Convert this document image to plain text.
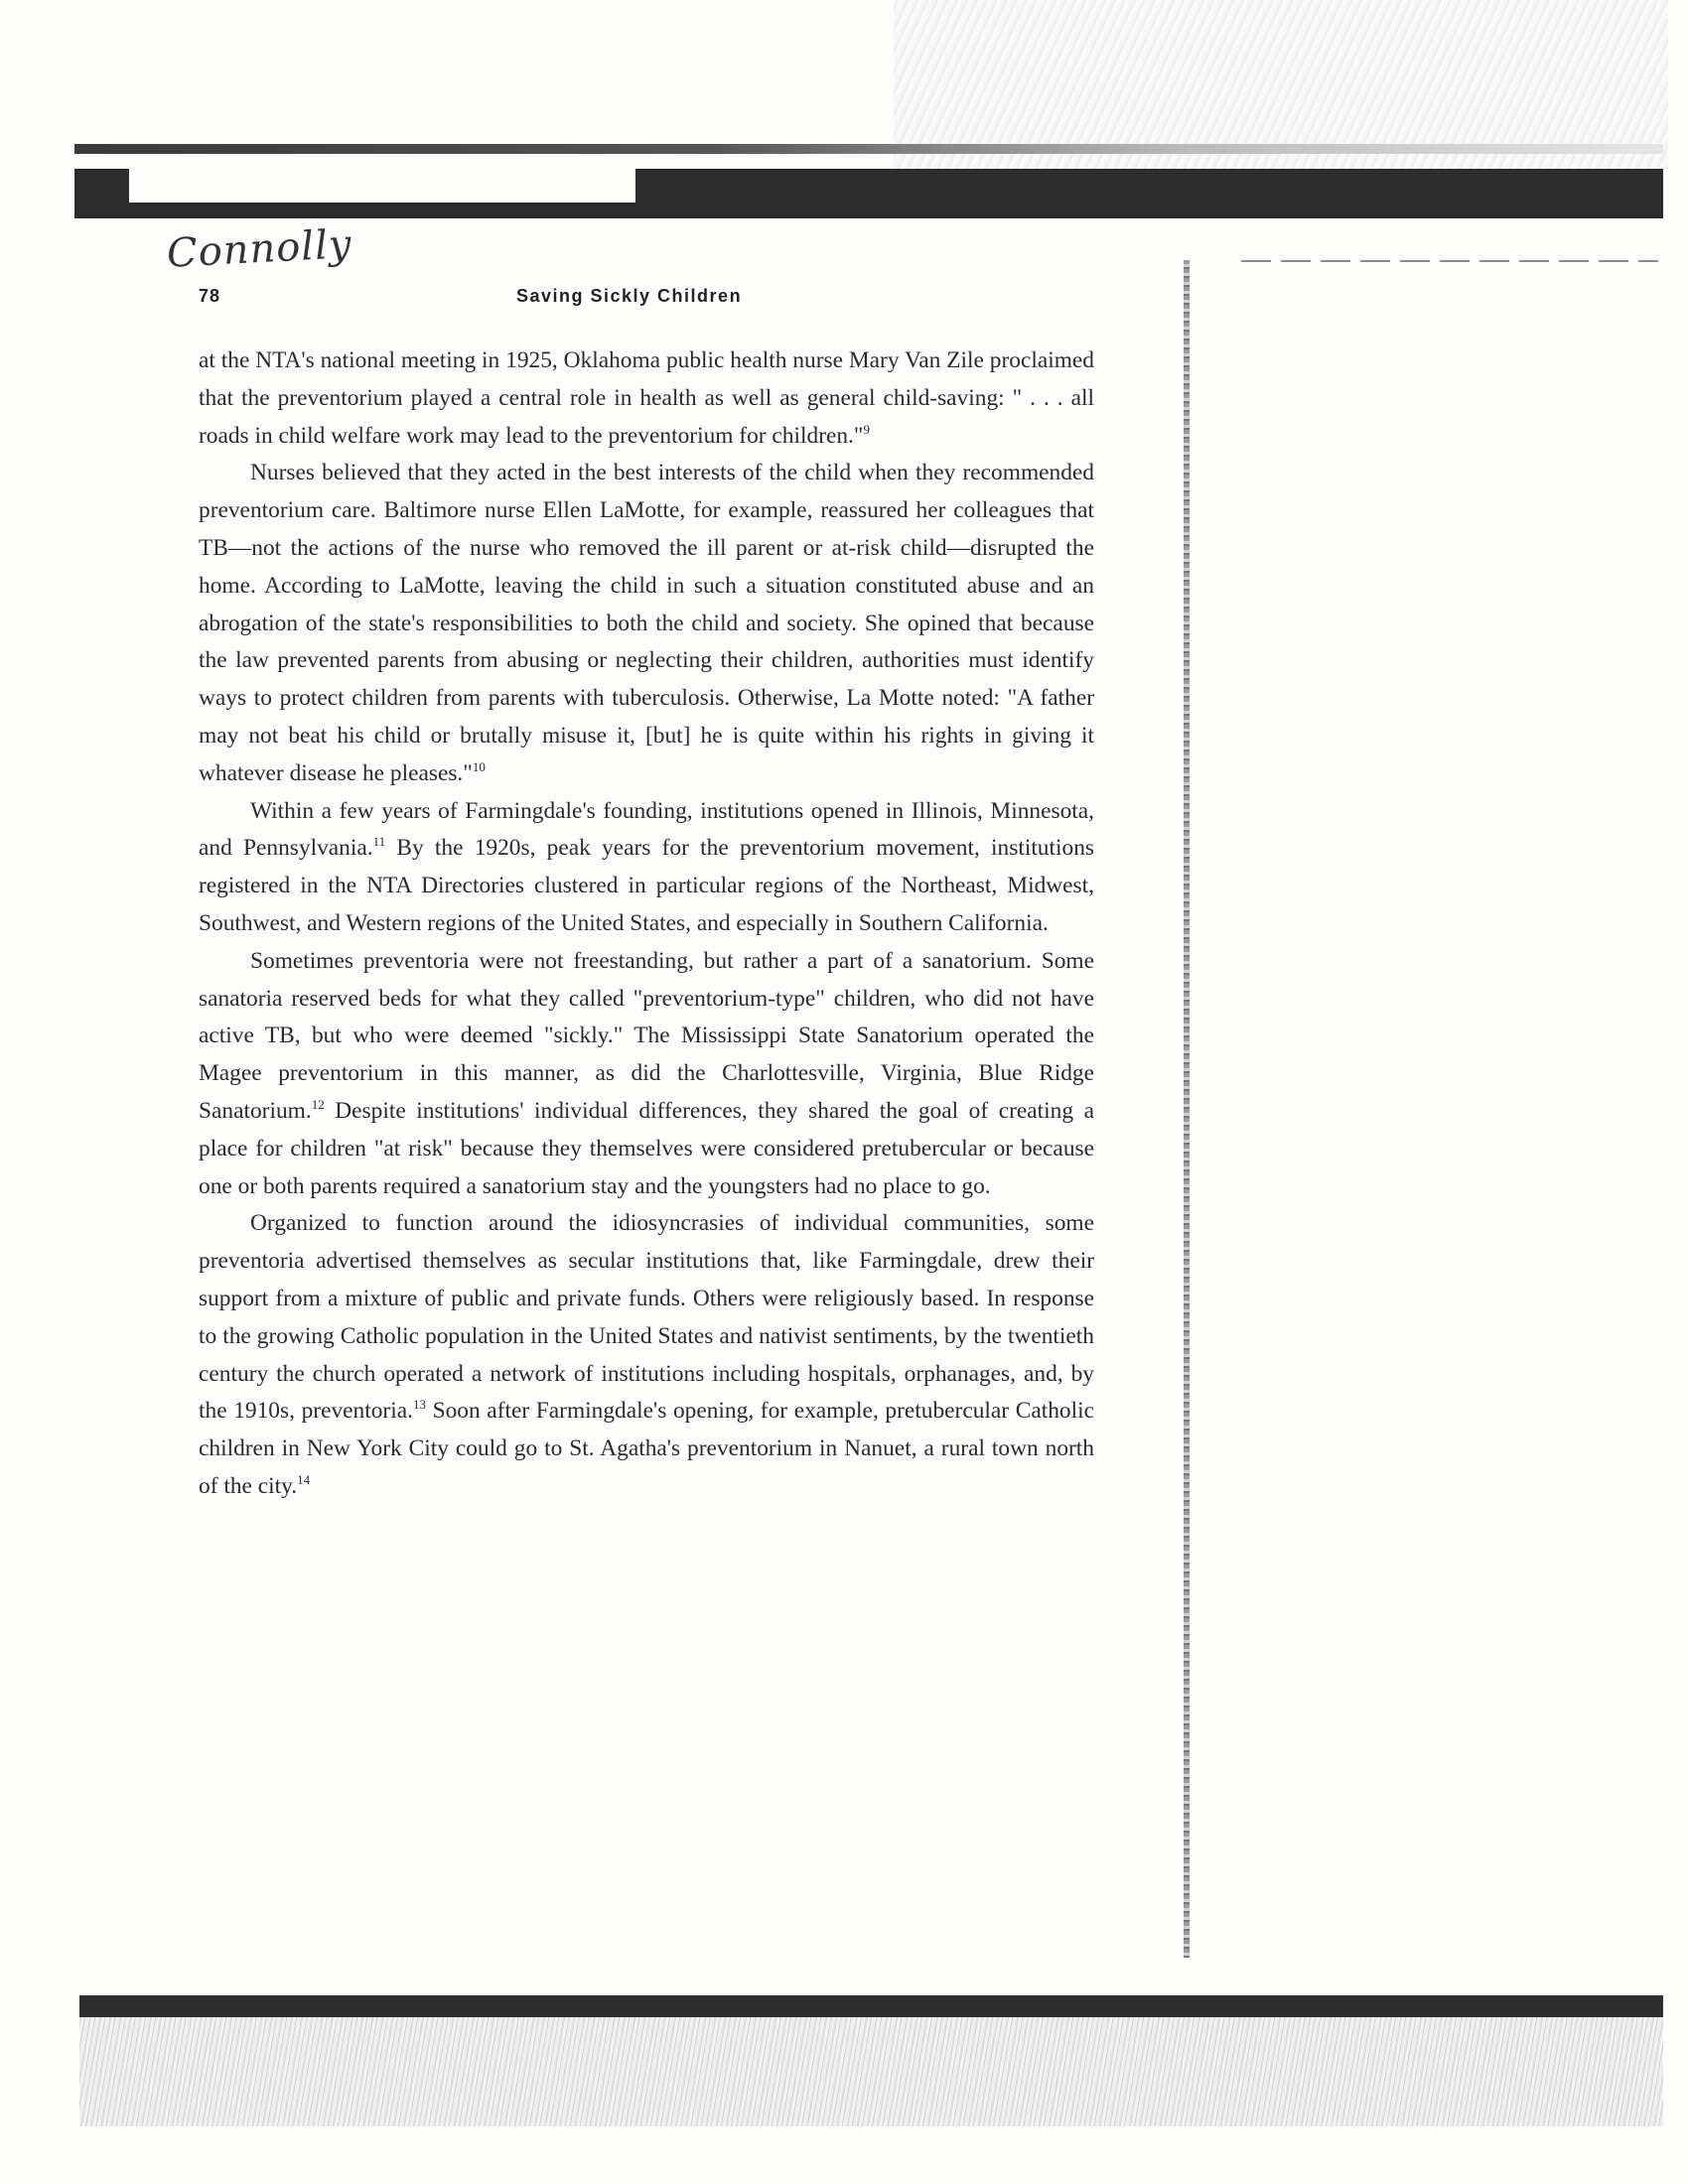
Connolly
78	Saving Sickly Children

at the NTA's national meeting in 1925, Oklahoma public health nurse Mary Van Zile proclaimed that the preventorium played a central role in health as well as general child-saving: " . . . all roads in child welfare work may lead to the preventorium for children."$^9$

Nurses believed that they acted in the best interests of the child when they recommended preventorium care. Baltimore nurse Ellen LaMotte, for example, reassured her colleagues that TB—not the actions of the nurse who removed the ill parent or at-risk child—disrupted the home. According to LaMotte, leaving the child in such a situation constituted abuse and an abrogation of the state's responsibilities to both the child and society. She opined that because the law prevented parents from abusing or neglecting their children, authorities must identify ways to protect children from parents with tuberculosis. Otherwise, La Motte noted: "A father may not beat his child or brutally misuse it, [but] he is quite within his rights in giving it whatever disease he pleases."$^{10}$

Within a few years of Farmingdale's founding, institutions opened in Illinois, Minnesota, and Pennsylvania.$^{11}$ By the 1920s, peak years for the preventorium movement, institutions registered in the NTA Directories clustered in particular regions of the Northeast, Midwest, Southwest, and Western regions of the United States, and especially in Southern California.

Sometimes preventoria were not freestanding, but rather a part of a sanatorium. Some sanatoria reserved beds for what they called "preventorium-type" children, who did not have active TB, but who were deemed "sickly." The Mississippi State Sanatorium operated the Magee preventorium in this manner, as did the Charlottesville, Virginia, Blue Ridge Sanatorium.$^{12}$ Despite institutions' individual differences, they shared the goal of creating a place for children "at risk" because they themselves were considered pretubercular or because one or both parents required a sanatorium stay and the youngsters had no place to go.

Organized to function around the idiosyncrasies of individual communities, some preventoria advertised themselves as secular institutions that, like Farmingdale, drew their support from a mixture of public and private funds. Others were religiously based. In response to the growing Catholic population in the United States and nativist sentiments, by the twentieth century the church operated a network of institutions including hospitals, orphanages, and, by the 1910s, preventoria.$^{13}$ Soon after Farmingdale's opening, for example, pretubercular Catholic children in New York City could go to St. Agatha's preventorium in Nanuet, a rural town north of the city.$^{14}$
